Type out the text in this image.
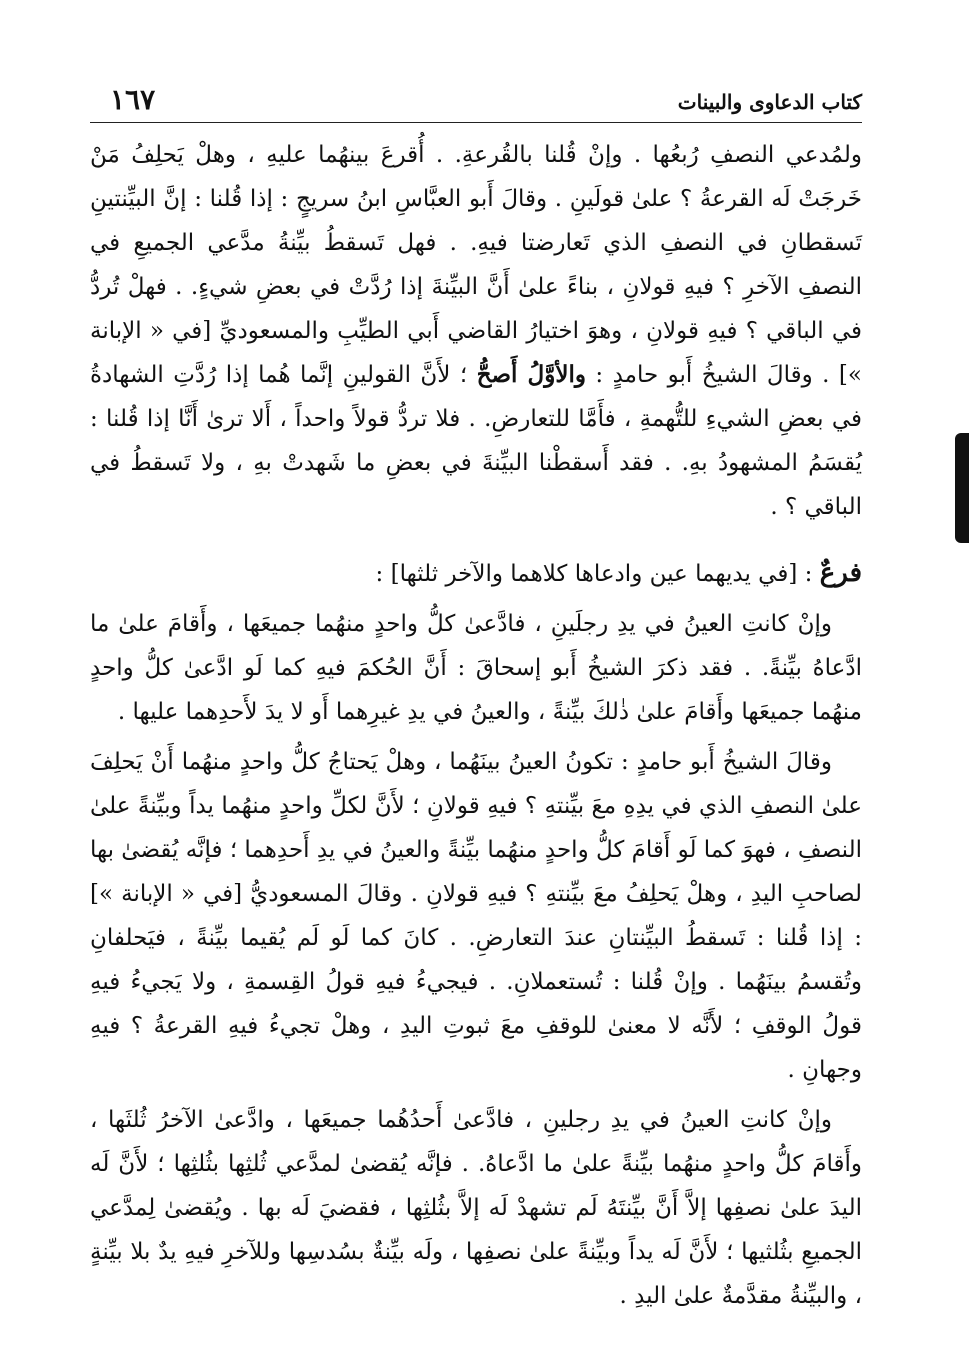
كتاب الدعاوى والبينات
١٦٧

ولمُدعي النصفِ رُبعُها . وإنْ قُلنا بالقُرعةِ. . أُقرعَ بينهُما عليهِ ، وهلْ يَحلِفُ مَنْ خَرجَتْ لَه القرعةُ ؟ علىٰ قولَينِ . وقالَ أَبو العبَّاسِ ابنُ سريجٍ : إذا قُلنا : إنَّ البيِّنتينِ تَسقطانِ في النصفِ الذي تَعارضتا فيهِ. . فهل تَسقطُ بيِّنةُ مدَّعي الجميعِ في النصفِ الآخرِ ؟ فيهِ قولانِ ، بناءً علىٰ أَنَّ البيِّنةَ إذا رُدَّتْ في بعضِ شيءٍ. . فهلْ تُردُّ في الباقي ؟ فيهِ قولانِ ، وهوَ اختيارُ القاضي أَبي الطيِّبِ والمسعوديِّ [في « الإبانة »] . وقالَ الشيخُ أَبو حامدٍ : والأوَّلُ أَصحُّ ؛ لأَنَّ القولينِ إنَّما هُما إذا رُدَّتِ الشهادةُ في بعضِ الشيءِ للتُّهمةِ ، فأَمَّا للتعارضِ. . فلا تردُّ قولاً واحداً ، أَلا ترىٰ أَنَّا إذا قُلنا : يُقسَمُ المشهودُ بهِ. . فقد أَسقطْنا البيِّنةَ في بعضِ ما شَهدتْ بهِ ، ولا تَسقطُ في الباقي ؟ .

فرعٌ : [في يديهما عين وادعاها كلاهما والآخر ثلثها] :

وإنْ كانتِ العينُ في يدِ رجلَينِ ، فادَّعىٰ كلُّ واحدٍ منهُما جميعَها ، وأَقامَ علىٰ ما ادَّعاهُ بيِّنةً. . فقد ذكرَ الشيخُ أَبو إسحاقَ : أَنَّ الحُكمَ فيهِ كما لَو ادَّعىٰ كلُّ واحدٍ منهُما جميعَها وأَقامَ علىٰ ذٰلكَ بيِّنةً ، والعينُ في يدِ غيرِهما أَو لا يدَ لأَحدِهما عليها .

وقالَ الشيخُ أَبو حامدٍ : تكونُ العينُ بينَهُما ، وهلْ يَحتاجُ كلُّ واحدٍ منهُما أَنْ يَحلِفَ علىٰ النصفِ الذي في يدِهِ معَ بيِّنتهِ ؟ فيهِ قولانِ ؛ لأَنَّ لكلِّ واحدٍ منهُما يداً وبيِّنةً علىٰ النصفِ ، فهوَ كما لَو أَقامَ كلُّ واحدٍ منهُما بيِّنةً والعينُ في يدِ أَحدِهما ؛ فإنَّه يُقضىٰ بها لصاحبِ اليدِ ، وهلْ يَحلِفُ معَ بيِّنتهِ ؟ فيهِ قولانِ . وقالَ المسعوديُّ [في « الإبانة »] : إذا قُلنا : تَسقطُ البيِّنتانِ عندَ التعارضِ. . كانَ كما لَو لَم يُقيما بيِّنةً ، فيَحلفانِ وتُقسمُ بينَهُما . وإنْ قُلنا : تُستعملانِ. . فيجيءُ فيهِ قولُ القِسمةِ ، ولا يَجيءُ فيهِ قولُ الوقفِ ؛ لأَنَّه لا معنىٰ للوقفِ معَ ثبوتِ اليدِ ، وهلْ تجيءُ فيهِ القرعةُ ؟ فيهِ وجهانِ .

وإنْ كانتِ العينُ في يدِ رجلينِ ، فادَّعىٰ أَحدُهُما جميعَها ، وادَّعىٰ الآخرُ ثُلثَها ، وأَقامَ كلُّ واحدٍ منهُما بيِّنةً علىٰ ما ادَّعاهُ. . فإنَّه يُقضىٰ لمدَّعي ثُلثِها بثُلثِها ؛ لأَنَّ لَه اليدَ علىٰ نصفِها إلاَّ أَنَّ بيِّنتَهُ لَم تشهدْ لَه إلاَّ بثُلثِها ، فقضيَ لَه بها . ويُقضىٰ لِمدَّعي الجميعِ بثُلثيها ؛ لأَنَّ لَه يداً وبيِّنةً علىٰ نصفِها ، ولَه بيِّنةٌ بسُدسِها وللآخرِ فيهِ يدٌ بلا بيِّنةٍ ، والبيِّنةُ مقدَّمةٌ علىٰ اليدِ .
